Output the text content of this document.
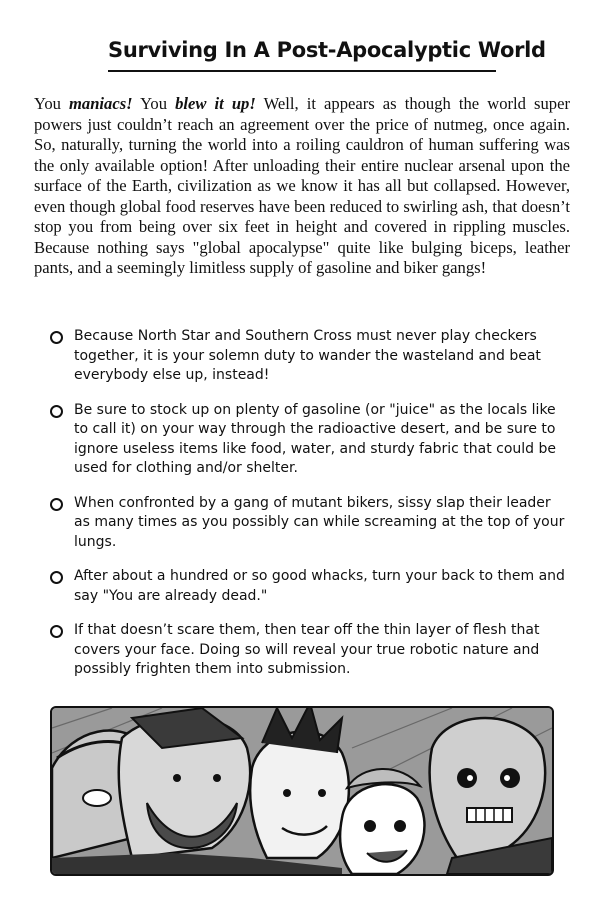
Surviving In A Post-Apocalyptic World

You maniacs! You blew it up! Well, it appears as though the world super powers just couldn’t reach an agreement over the price of nutmeg, once again. So, naturally, turning the world into a roiling cauldron of human suffering was the only available option! After unloading their entire nuclear arsenal upon the surface of the Earth, civilization as we know it has all but collapsed. However, even though global food reserves have been reduced to swirling ash, that doesn’t stop you from being over six feet in height and covered in rippling muscles. Because nothing says "global apocalypse" quite like bulging biceps, leather pants, and a seemingly limitless supply of gasoline and biker gangs!

Because North Star and Southern Cross must never play checkers together, it is your solemn duty to wander the wasteland and beat everybody else up, instead!
Be sure to stock up on plenty of gasoline (or "juice" as the locals like to call it) on your way through the radioactive desert, and be sure to ignore useless items like food, water, and sturdy fabric that could be used for clothing and/or shelter.
When confronted by a gang of mutant bikers, sissy slap their leader as many times as you possibly can while screaming at the top of your lungs.
After about a hundred or so good whacks, turn your back to them and say "You are already dead."
If that doesn’t scare them, then tear off the thin layer of flesh that covers your face. Doing so will reveal your true robotic nature and possibly frighten them into submission.
